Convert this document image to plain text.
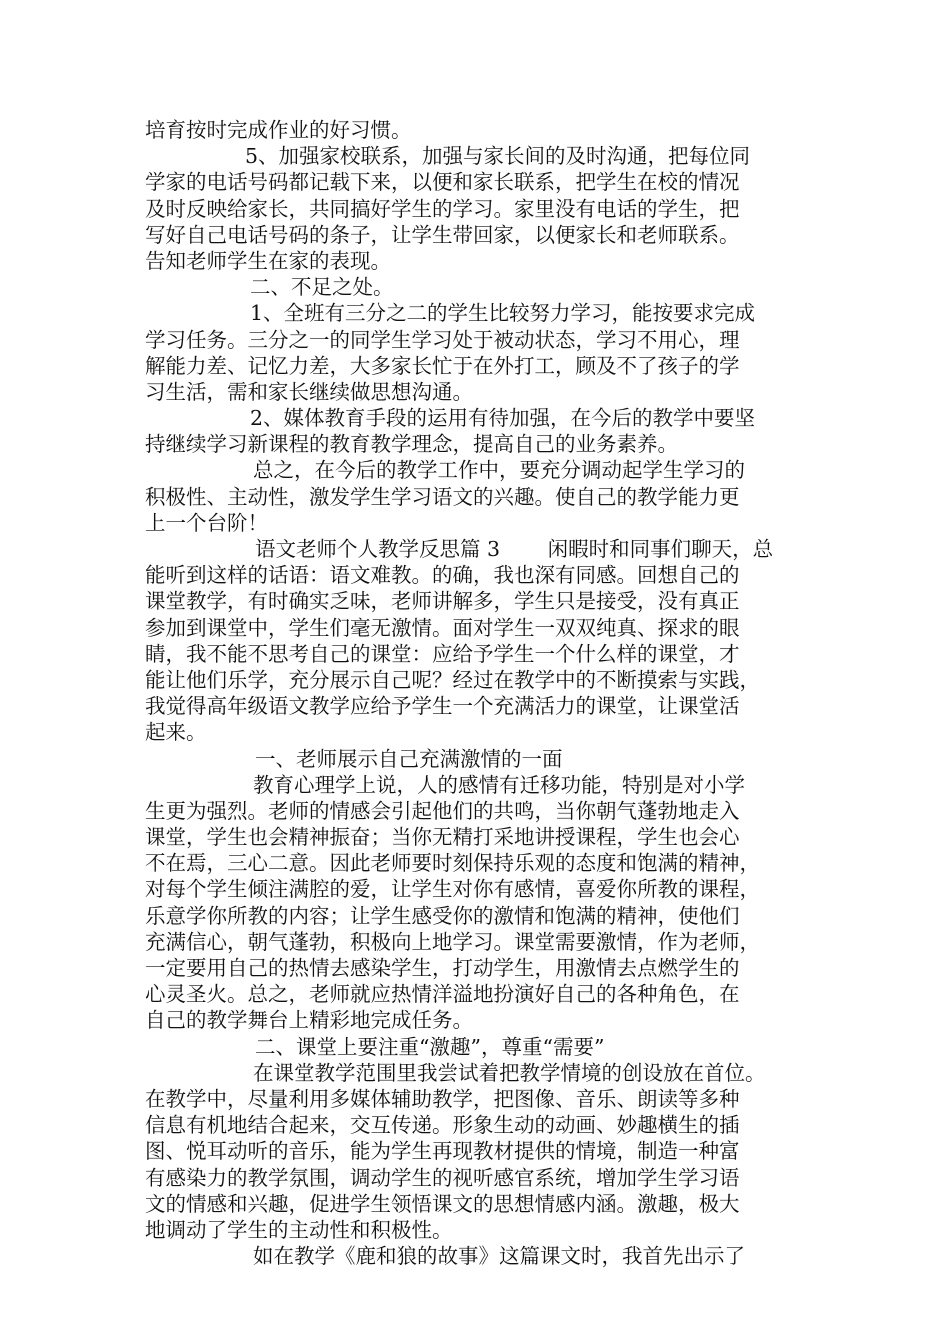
培育按时完成作业的好习惯。
5、加强家校联系，加强与家长间的及时沟通，把每位同
学家的电话号码都记载下来，以便和家长联系，把学生在校的情况
及时反映给家长，共同搞好学生的学习。家里没有电话的学生，把
写好自己电话号码的条子，让学生带回家，以便家长和老师联系。
告知老师学生在家的表现。
二、不足之处。
1、全班有三分之二的学生比较努力学习，能按要求完成
学习任务。三分之一的同学生学习处于被动状态，学习不用心，理
解能力差、记忆力差，大多家长忙于在外打工，顾及不了孩子的学
习生活，需和家长继续做思想沟通。
2、媒体教育手段的运用有待加强，在今后的教学中要坚
持继续学习新课程的教育教学理念，提高自己的业务素养。
总之，在今后的教学工作中，要充分调动起学生学习的
积极性、主动性，激发学生学习语文的兴趣。使自己的教学能力更
上一个台阶！
语文老师个人教学反思篇 3　　 闲暇时和同事们聊天，总
能听到这样的话语：语文难教。的确，我也深有同感。回想自己的
课堂教学，有时确实乏味，老师讲解多，学生只是接受，没有真正
参加到课堂中，学生们毫无激情。面对学生一双双纯真、探求的眼
睛，我不能不思考自己的课堂：应给予学生一个什么样的课堂，才
能让他们乐学，充分展示自己呢？经过在教学中的不断摸索与实践，
我觉得高年级语文教学应给予学生一个充满活力的课堂，让课堂活
起来。
一、老师展示自己充满激情的一面
教育心理学上说，人的感情有迁移功能，特别是对小学
生更为强烈。老师的情感会引起他们的共鸣，当你朝气蓬勃地走入
课堂，学生也会精神振奋；当你无精打采地讲授课程，学生也会心
不在焉，三心二意。因此老师要时刻保持乐观的态度和饱满的精神，
对每个学生倾注满腔的爱，让学生对你有感情，喜爱你所教的课程，
乐意学你所教的内容；让学生感受你的激情和饱满的精神，使他们
充满信心，朝气蓬勃，积极向上地学习。课堂需要激情，作为老师，
一定要用自己的热情去感染学生，打动学生，用激情去点燃学生的
心灵圣火。总之，老师就应热情洋溢地扮演好自己的各种角色，在
自己的教学舞台上精彩地完成任务。
二、课堂上要注重“激趣”，尊重“需要”
在课堂教学范围里我尝试着把教学情境的创设放在首位。
在教学中，尽量利用多媒体辅助教学，把图像、音乐、朗读等多种
信息有机地结合起来，交互传递。形象生动的动画、妙趣横生的插
图、悦耳动听的音乐，能为学生再现教材提供的情境，制造一种富
有感染力的教学氛围，调动学生的视听感官系统，增加学生学习语
文的情感和兴趣，促进学生领悟课文的思想情感内涵。激趣，极大
地调动了学生的主动性和积极性。
如在教学《鹿和狼的故事》这篇课文时，我首先出示了
